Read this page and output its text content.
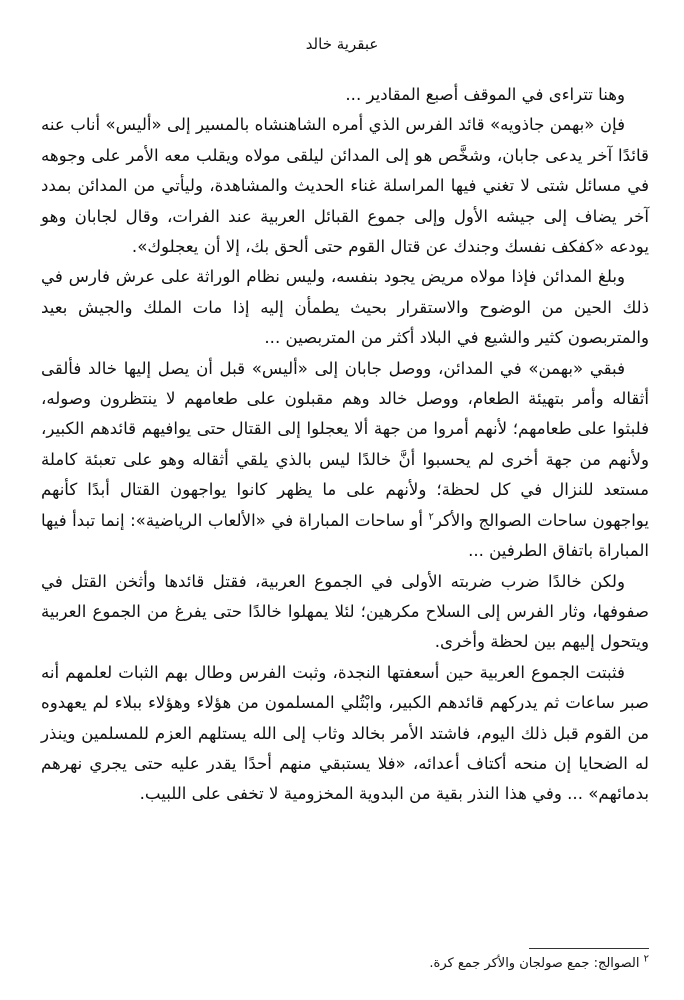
عبقرية خالد

وهنا تتراءى في الموقف أصبع المقادير ...

فإن «بهمن جاذويه» قائد الفرس الذي أمره الشاهنشاه بالمسير إلى «أليس» أناب عنه قائدًا آخر يدعى جابان، وشخَّص هو إلى المدائن ليلقى مولاه ويقلب معه الأمر على وجوهه في مسائل شتى لا تغني فيها المراسلة غناء الحديث والمشاهدة، وليأتي من المدائن بمدد آخر يضاف إلى جيشه الأول وإلى جموع القبائل العربية عند الفرات، وقال لجابان وهو يودعه «كفكف نفسك وجندك عن قتال القوم حتى ألحق بك، إلا أن يعجلوك».

وبلغ المدائن فإذا مولاه مريض يجود بنفسه، وليس نظام الوراثة على عرش فارس في ذلك الحين من الوضوح والاستقرار بحيث يطمأن إليه إذا مات الملك والجيش بعيد والمتربصون كثير والشيع في البلاد أكثر من المتربصين ...

فبقي «بهمن» في المدائن، ووصل جابان إلى «أليس» قبل أن يصل إليها خالد فألقى أثقاله وأمر بتهيئة الطعام، ووصل خالد وهم مقبلون على طعامهم لا ينتظرون وصوله، فلبثوا على طعامهم؛ لأنهم أمروا من جهة ألا يعجلوا إلى القتال حتى يوافيهم قائدهم الكبير، ولأنهم من جهة أخرى لم يحسبوا أنَّ خالدًا ليس بالذي يلقي أثقاله وهو على تعبئة كاملة مستعد للنزال في كل لحظة؛ ولأنهم على ما يظهر كانوا يواجهون القتال أبدًا كأنهم يواجهون ساحات الصوالج والأكر$^٢$ أو ساحات المباراة في «الألعاب الرياضية»: إنما تبدأ فيها المباراة باتفاق الطرفين ...

ولكن خالدًا ضرب ضربته الأولى في الجموع العربية، فقتل قائدها وأثخن القتل في صفوفها، وثار الفرس إلى السلاح مكرهين؛ لئلا يمهلوا خالدًا حتى يفرغ من الجموع العربية ويتحول إليهم بين لحظة وأخرى.

فثبتت الجموع العربية حين أسعفتها النجدة، وثبت الفرس وطال بهم الثبات لعلمهم أنه صبر ساعات ثم يدركهم قائدهم الكبير، وابْتُلي المسلمون من هؤلاء وهؤلاء ببلاء لم يعهدوه من القوم قبل ذلك اليوم، فاشتد الأمر بخالد وثاب إلى الله يستلهم العزم للمسلمين وينذر له الضحايا إن منحه أكتاف أعدائه، «فلا يستبقي منهم أحدًا يقدر عليه حتى يجري نهرهم بدمائهم» ... وفي هذا النذر بقية من البدوية المخزومية لا تخفى على اللبيب.

$^٢$ الصوالج: جمع صولجان والأكر جمع كرة.
